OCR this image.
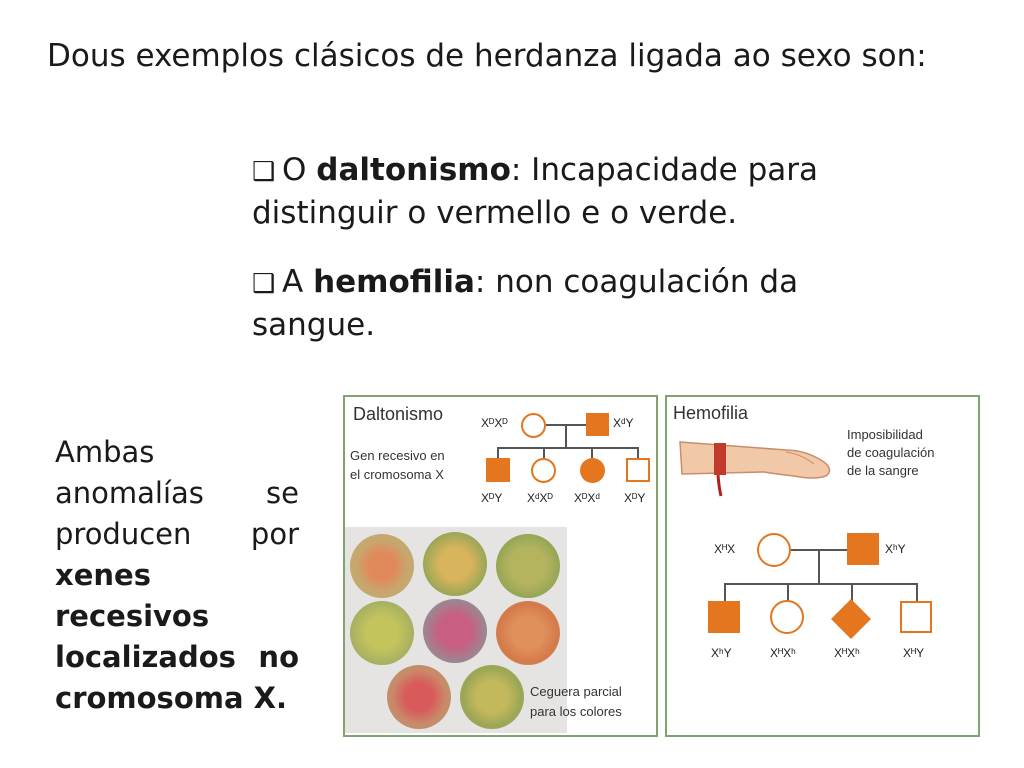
Dous exemplos clásicos de herdanza ligada ao sexo son:
❑ O daltonismo: Incapacidade para distinguir o vermello e o verde.
❑ A hemofilia: non coagulación da sangue.
Ambas
anomalías se
producen por
xenes
recesivos
localizados no
cromosoma X.
Daltonismo
Gen recesivo en
el cromosoma X
XᴰXᴰ	XᵈY
XᴰY XᵈXᴰ XᴰXᵈ XᴰY
Ceguera parcial
para los colores
Hemofilia
Imposibilidad
de coagulación
de la sangre
XᴴX	XʰY
XʰY	XᴴXʰ	XᴴXʰ	XᴴY
